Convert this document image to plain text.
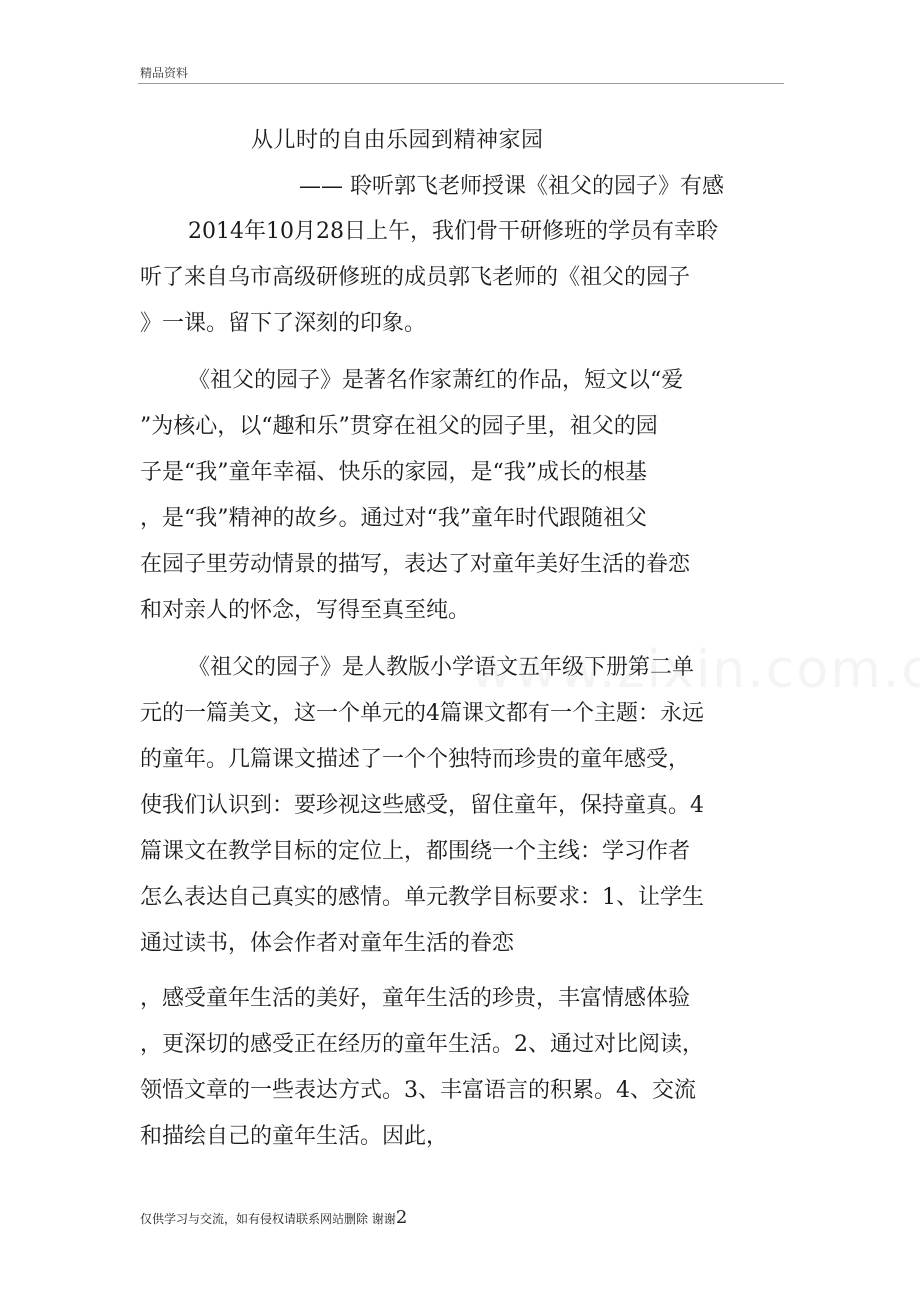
精品资料
从儿时的自由乐园到精神家园
—— 聆听郭飞老师授课《祖父的园子》有感
2014年10月28日上午，我们骨干研修班的学员有幸聆
听了来自乌市高级研修班的成员郭飞老师的《祖父的园子
》一课。留下了深刻的印象。
《祖父的园子》是著名作家萧红的作品，短文以“爱
”为核心，以“趣和乐”贯穿在祖父的园子里，祖父的园
子是“我”童年幸福、快乐的家园，是“我”成长的根基
，是“我”精神的故乡。通过对“我”童年时代跟随祖父
在园子里劳动情景的描写，表达了对童年美好生活的眷恋
和对亲人的怀念，写得至真至纯。
《祖父的园子》是人教版小学语文五年级下册第二单
元的一篇美文，这一个单元的4篇课文都有一个主题：永远
的童年。几篇课文描述了一个个独特而珍贵的童年感受，
使我们认识到：要珍视这些感受，留住童年，保持童真。4
篇课文在教学目标的定位上，都围绕一个主线：学习作者
怎么表达自己真实的感情。单元教学目标要求：1、让学生
通过读书，体会作者对童年生活的眷恋
，感受童年生活的美好，童年生活的珍贵，丰富情感体验
，更深切的感受正在经历的童年生活。2、通过对比阅读，
领悟文章的一些表达方式。3、丰富语言的积累。4、交流
和描绘自己的童年生活。因此，
仅供学习与交流，如有侵权请联系网站删除 谢谢2
